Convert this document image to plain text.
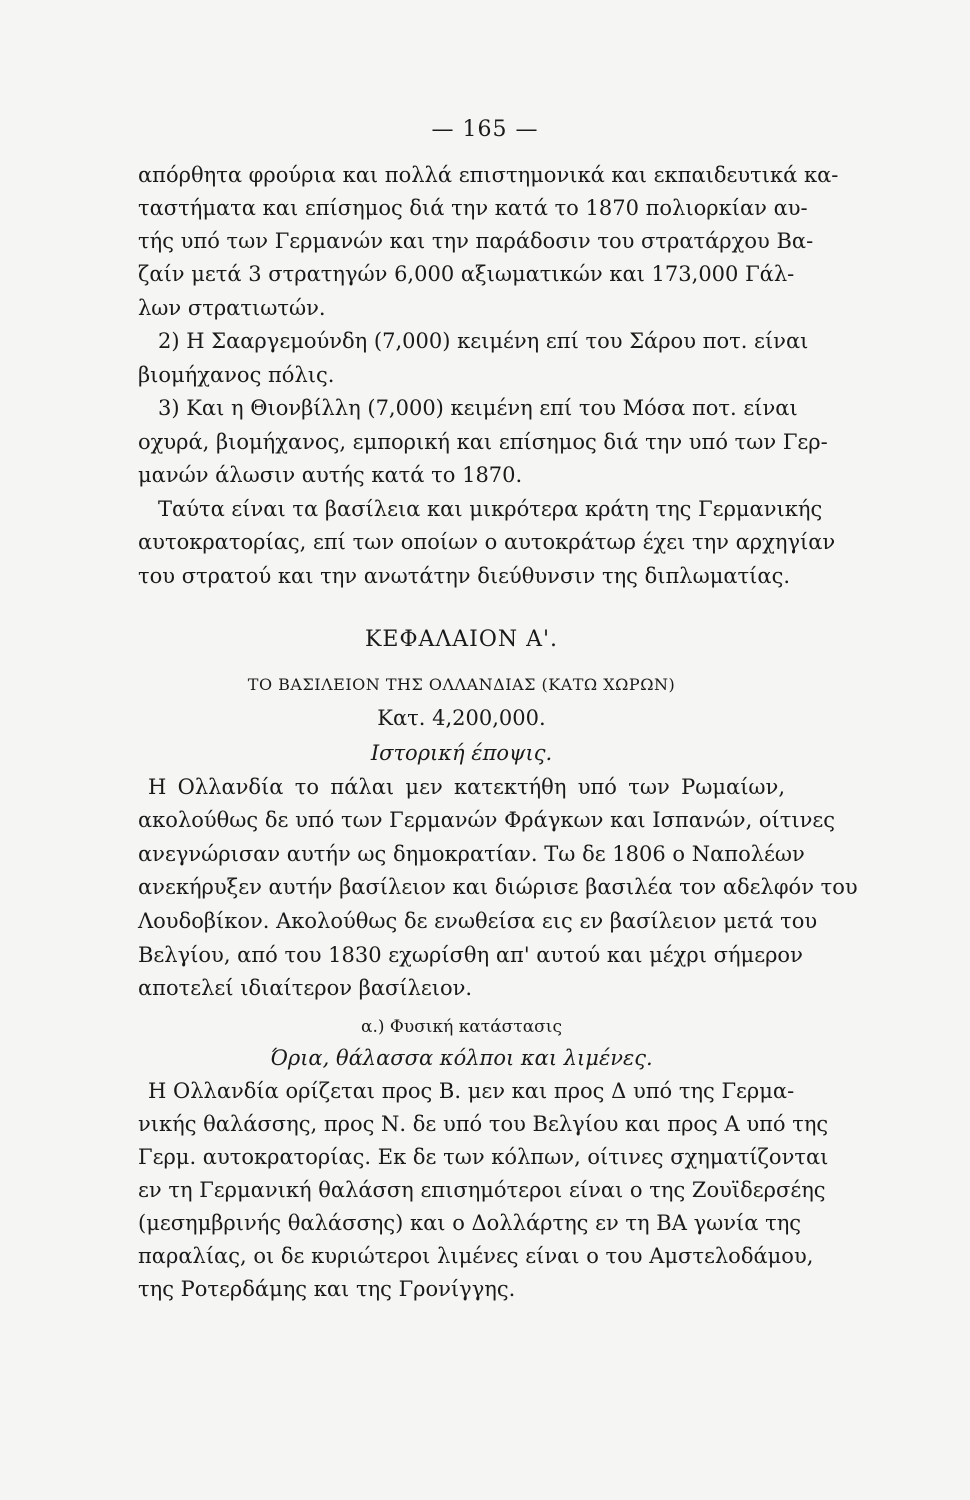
— 165 —
απόρθητα φρούρια και πολλά επιστημονικά και εκπαιδευτικά κα-
ταστήματα και επίσημος διά την κατά το 1870 πολιορκίαν αυ-
τής υπό των Γερμανών και την παράδοσιν του στρατάρχου Βα-
ζαίν μετά 3 στρατηγών 6,000 αξιωματικών και 173,000 Γάλ-
λων στρατιωτών.
2) Η Σααργεμούνδη (7,000) κειμένη επί του Σάρου ποτ. είναι
βιομήχανος πόλις.
3) Και η Θιονβίλλη (7,000) κειμένη επί του Μόσα ποτ. είναι
οχυρά, βιομήχανος, εμπορική και επίσημος διά την υπό των Γερ-
μανών άλωσιν αυτής κατά το 1870.
Ταύτα είναι τα βασίλεια και μικρότερα κράτη της Γερμανικής
αυτοκρατορίας, επί των οποίων ο αυτοκράτωρ έχει την αρχηγίαν
του στρατού και την ανωτάτην διεύθυνσιν της διπλωματίας.
ΚΕΦΑΛΑΙΟΝ Α'.
ΤΟ ΒΑΣΙΛΕΙΟΝ ΤΗΣ ΟΛΛΑΝΔΙΑΣ (ΚΑΤΩ ΧΩΡΩΝ)
Κατ. 4,200,000.
Ιστορική έποψις.
Η Ολλανδία το πάλαι μεν κατεκτήθη υπό των Ρωμαίων,
ακολούθως δε υπό των Γερμανών Φράγκων και Ισπανών, οίτινες
ανεγνώρισαν αυτήν ως δημοκρατίαν. Τω δε 1806 ο Ναπολέων
ανεκήρυξεν αυτήν βασίλειον και διώρισε βασιλέα τον αδελφόν του
Λουδοβίκον. Ακολούθως δε ενωθείσα εις εν βασίλειον μετά του
Βελγίου, από του 1830 εχωρίσθη απ' αυτού και μέχρι σήμερον
αποτελεί ιδιαίτερον βασίλειον.
α.) Φυσική κατάστασις
Όρια, θάλασσα κόλποι και λιμένες.
Η Ολλανδία ορίζεται προς Β. μεν και προς Δ υπό της Γερμα-
νικής θαλάσσης, προς Ν. δε υπό του Βελγίου και προς Α υπό της
Γερμ. αυτοκρατορίας. Εκ δε των κόλπων, οίτινες σχηματίζονται
εν τη Γερμανική θαλάσση επισημότεροι είναι ο της Ζουϊδερσέης
(μεσημβρινής θαλάσσης) και ο Δολλάρτης εν τη ΒΑ γωνία της
παραλίας, οι δε κυριώτεροι λιμένες είναι ο του Αμστελοδάμου,
της Ροτερδάμης και της Γρονίγγης.
